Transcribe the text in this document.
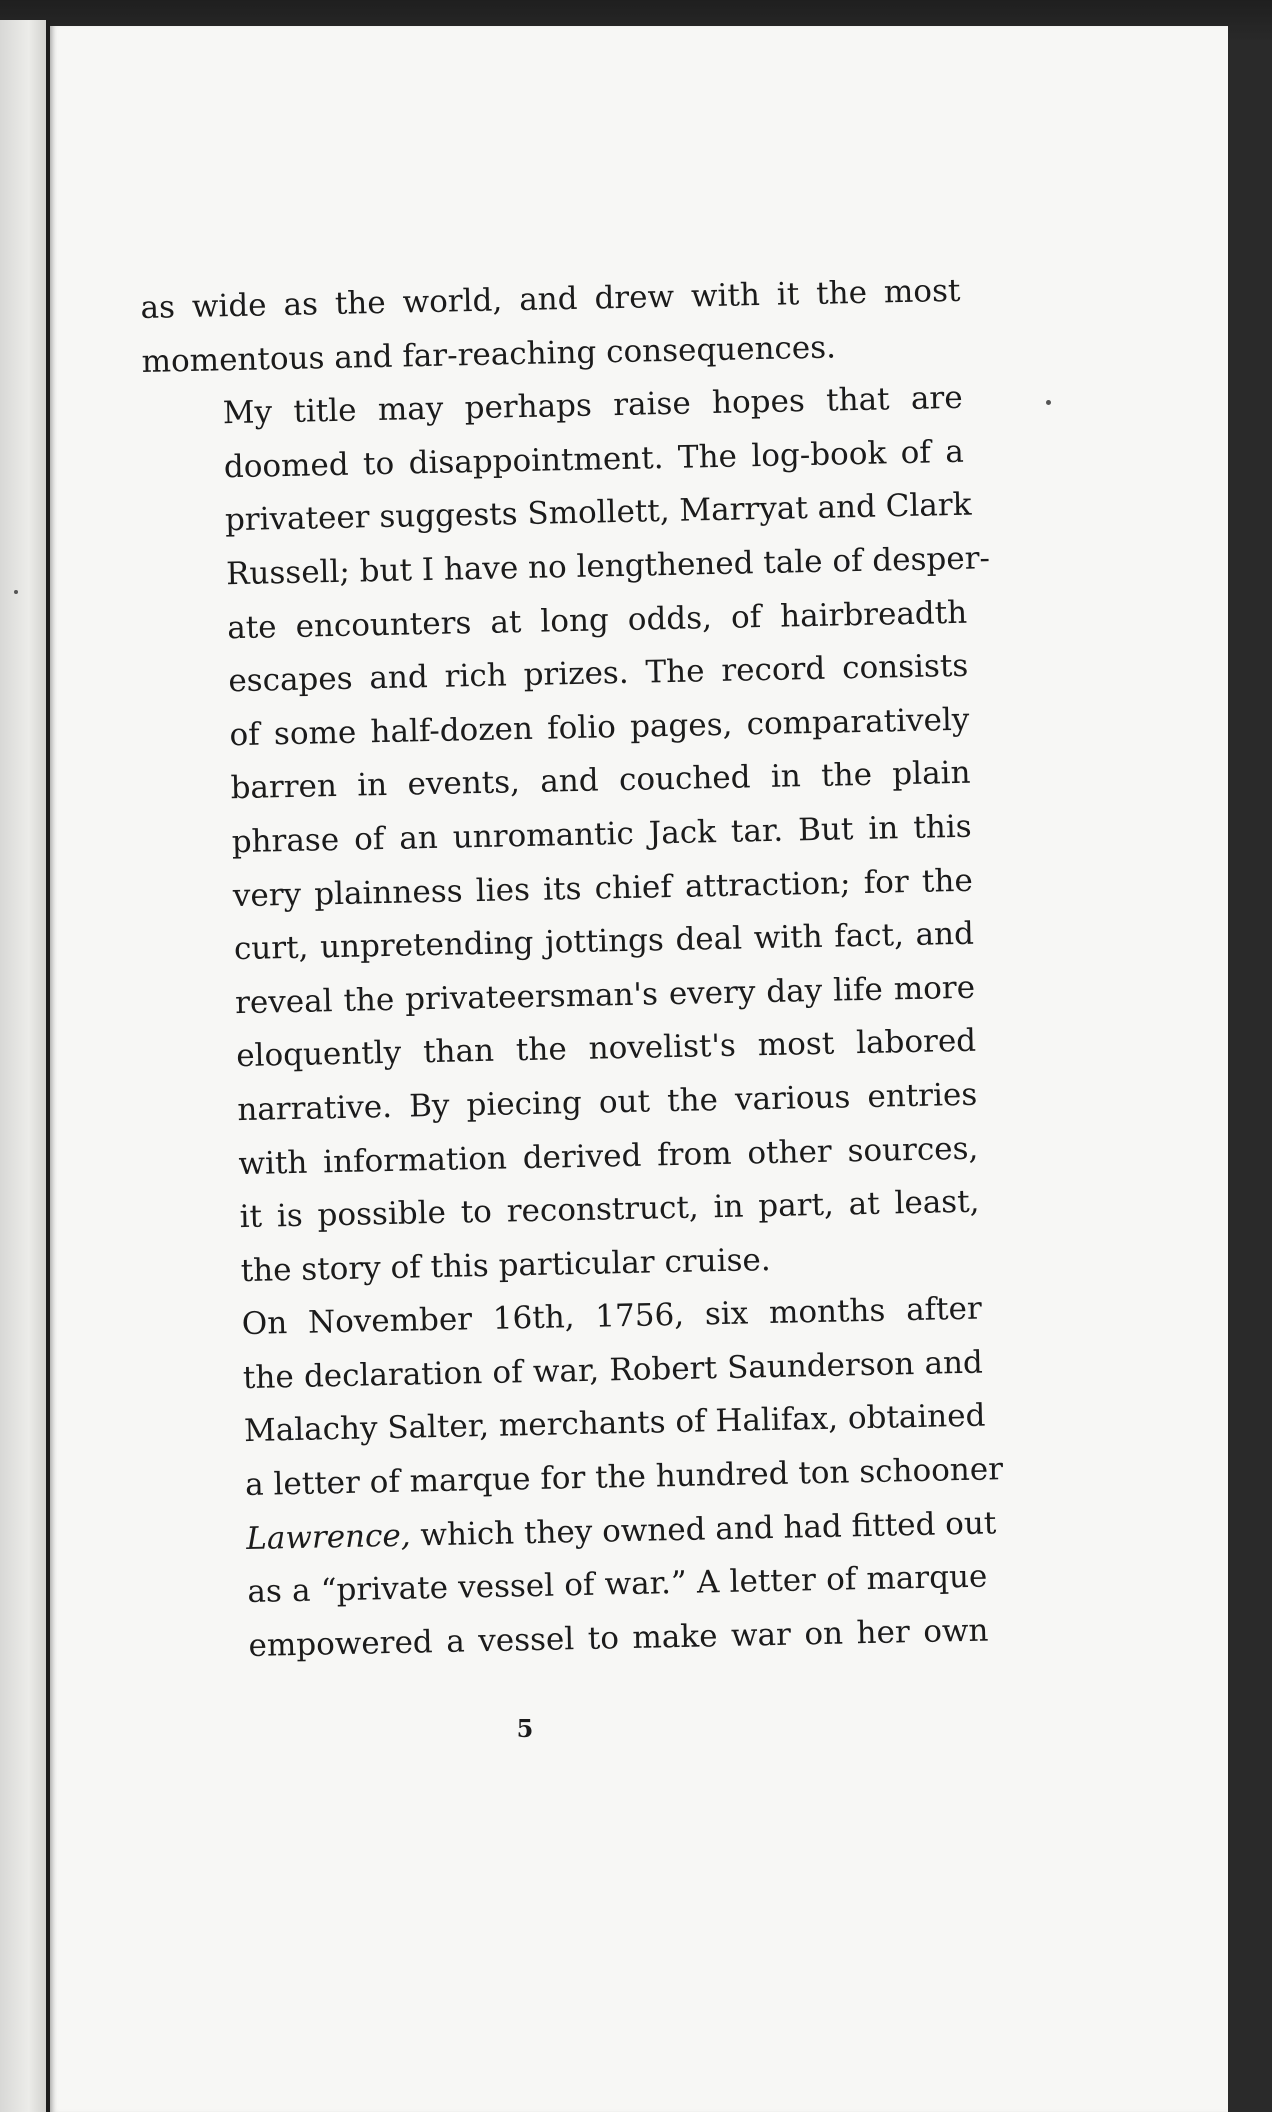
as wide as the world, and drew with it the most
momentous and far-reaching consequences.

My title may perhaps raise hopes that are
doomed to disappointment. The log-book of a
privateer suggests Smollett, Marryat and Clark
Russell; but I have no lengthened tale of desper-
ate encounters at long odds, of hairbreadth
escapes and rich prizes. The record consists
of some half-dozen folio pages, comparatively
barren in events, and couched in the plain
phrase of an unromantic Jack tar. But in this
very plainness lies its chief attraction; for the
curt, unpretending jottings deal with fact, and
reveal the privateersman's every day life more
eloquently than the novelist's most labored
narrative. By piecing out the various entries
with information derived from other sources,
it is possible to reconstruct, in part, at least,
the story of this particular cruise.

On November 16th, 1756, six months after
the declaration of war, Robert Saunderson and
Malachy Salter, merchants of Halifax, obtained
a letter of marque for the hundred ton schooner
Lawrence, which they owned and had fitted out
as a “private vessel of war.” A letter of marque
empowered a vessel to make war on her own

5
